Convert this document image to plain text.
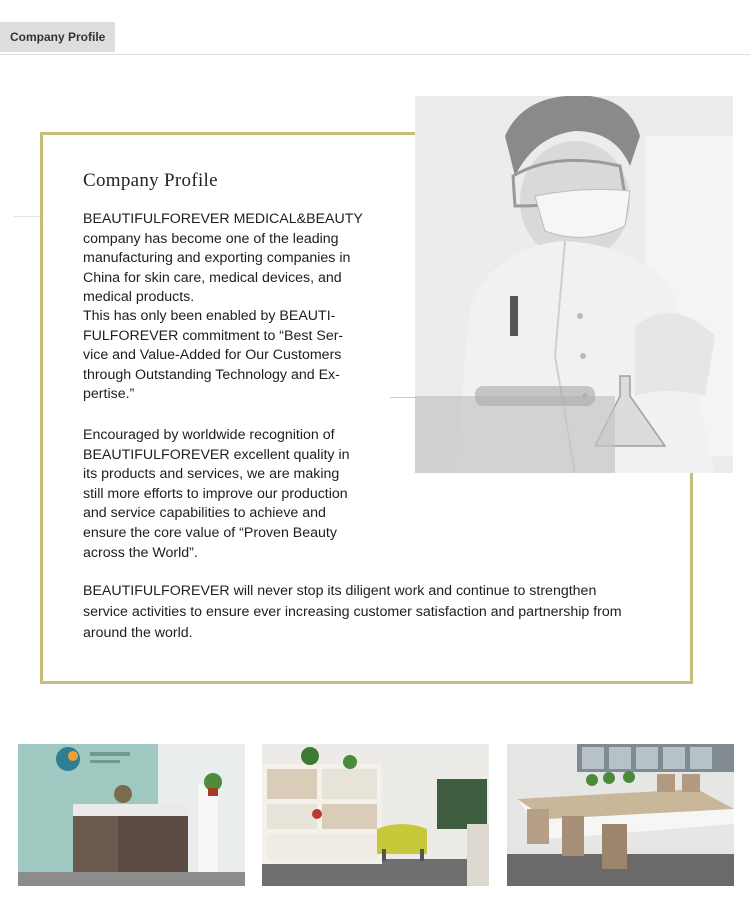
Company Profile
Company Profile

BEAUTIFULFOREVER MEDICAL&BEAUTY
company has become one of the leading
manufacturing and exporting companies in
China for skin care, medical devices, and
medical products.

This has only been enabled by BEAUTI-
FULFOREVER commitment to “Best Ser-
vice and Value-Added for Our Customers
through Outstanding Technology and Ex-
pertise.”

Encouraged by worldwide recognition of
BEAUTIFULFOREVER excellent quality in
its products and services, we are making
still more efforts to improve our production
and service capabilities to achieve and
ensure the core value of “Proven Beauty
across the World”.

BEAUTIFULFOREVER will never stop its diligent work and continue to strengthen
service activities to ensure ever increasing customer satisfaction and partnership from
around the world.
